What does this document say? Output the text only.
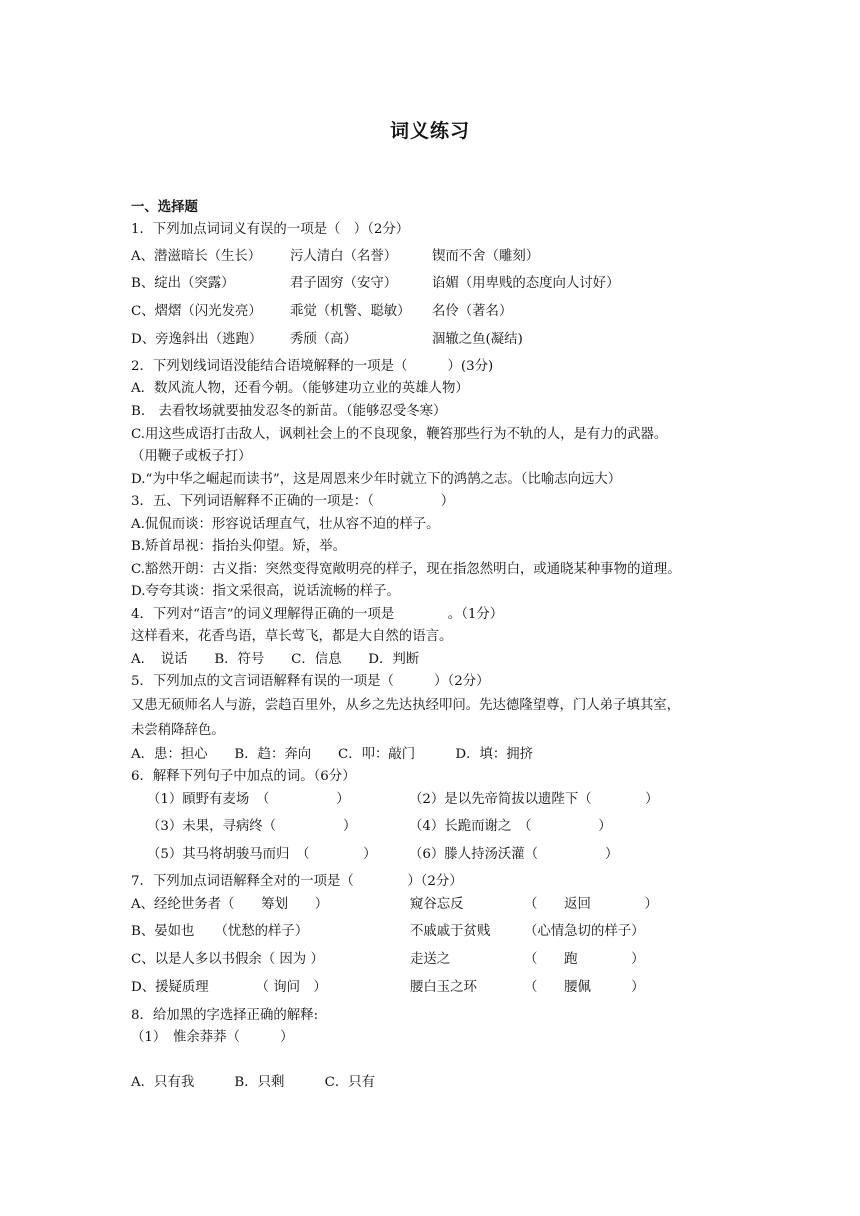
词义练习
一、选择题
1．下列加点词词义有误的一项是（　）（2分）
A、潜滋暗长（生长） 污人清白（名誉）	锲而不舍（雕刻）
B、绽出（突露）	君子固穷（安守）	谄媚（用卑贱的态度向人讨好）
C、熠熠（闪光发亮） 乖觉（机警、聪敏） 名伶（著名）
D、旁逸斜出（逃跑） 秀颀（高）	涸辙之鱼(凝结)
2．下列划线词语没能结合语境解释的一项是（　　　）(3分)
A．数风流人物，还看今朝。（能够建功立业的英雄人物）
B.　去看牧场就要抽发忍冬的新苗。（能够忍受冬寒）
C.用这些成语打击敌人，讽刺社会上的不良现象，鞭笞那些行为不轨的人，是有力的武器。
（用鞭子或板子打）
D.“为中华之崛起而读书”，这是周恩来少年时就立下的鸿鹄之志。（比喻志向远大）
3．五、下列词语解释不正确的一项是：（　　　　　）
A.侃侃而谈：形容说话理直气，壮从容不迫的样子。
B.矫首昂视：指抬头仰望。矫，举。
C.豁然开朗：古义指：突然变得宽敞明亮的样子，现在指忽然明白，或通晓某种事物的道理。
D.夸夸其谈：指文采很高，说话流畅的样子。
4．下列对“语言”的词义理解得正确的一项是　　　　。（1分）
这样看来，花香鸟语，草长莺飞，都是大自然的语言。
A．　说话　　B．符号　　C．信息　　D．判断
5．下列加点的文言词语解释有误的一项是（　　　）（2分）
又患无硕师名人与游，尝趋百里外，从乡之先达执经叩问。先达德隆望尊，门人弟子填其室，
未尝稍降辞色。
A．患：担心　　B．趋：奔向　　C．叩：敲门　　　D．填：拥挤
6．解释下列句子中加点的词。（6分）
（1）頋野有麦场　（　　　　　）	（2）是以先帝简拔以遗陛下（　　　　）
（3）未果，寻病终（　　　　　）	（4）长跪而谢之　（　　　　　）
（5）其马将胡骏马而归　（　　　　） （6）滕人持汤沃灌（　　　　　）
7．下列加点词语解释全对的一项是（　　　　）（2分）
A、经纶世务者（　　筹划　　）	窥谷忘反	（　　返回　　　　）
B、晏如也　　（忧愁的样子）	不戚戚于贫贱	（心情急切的样子）
C、以是人多以书假余（ 因为 ）	走送之	（　　跑　　　　）
D、援疑质理　　　　（ 询问　）	腰白玉之环	（　　腰佩　　　）
8．给加黑的字选择正确的解释:
（1）　惟余莽莽（　　　）
A．只有我　　　B．只剩　　　C．只有
